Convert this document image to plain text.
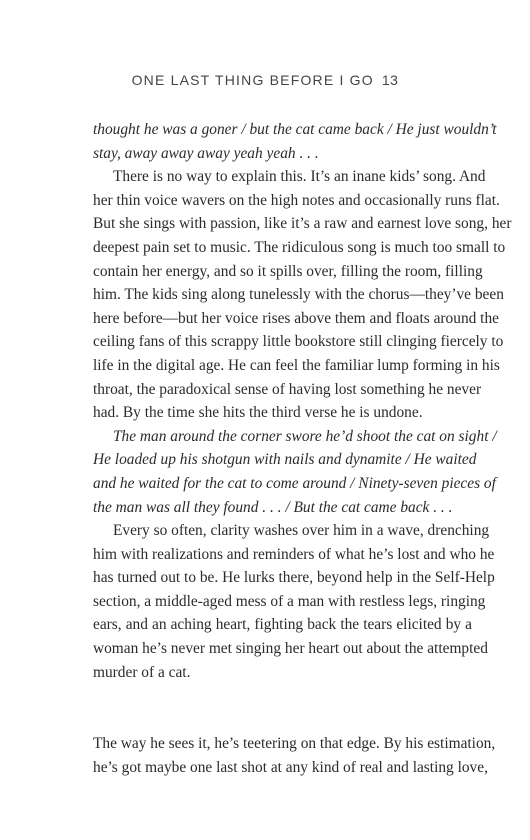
ONE LAST THING BEFORE I GO 13
thought he was a goner / but the cat came back / He just wouldn’t
stay, away away away yeah yeah . . .
There is no way to explain this. It’s an inane kids’ song. And
her thin voice wavers on the high notes and occasionally runs flat.
But she sings with passion, like it’s a raw and earnest love song, her
deepest pain set to music. The ridiculous song is much too small to
contain her energy, and so it spills over, filling the room, filling
him. The kids sing along tunelessly with the chorus—they’ve been
here before—but her voice rises above them and floats around the
ceiling fans of this scrappy little bookstore still clinging fiercely to
life in the digital age. He can feel the familiar lump forming in his
throat, the paradoxical sense of having lost something he never
had. By the time she hits the third verse he is undone.
The man around the corner swore he’d shoot the cat on sight /
He loaded up his shotgun with nails and dynamite / He waited
and he waited for the cat to come around / Ninety-seven pieces of
the man was all they found . . . / But the cat came back . . .
Every so often, clarity washes over him in a wave, drenching
him with realizations and reminders of what he’s lost and who he
has turned out to be. He lurks there, beyond help in the Self-Help
section, a middle-aged mess of a man with restless legs, ringing
ears, and an aching heart, fighting back the tears elicited by a
woman he’s never met singing her heart out about the attempted
murder of a cat.
The way he sees it, he’s teetering on that edge. By his estimation,
he’s got maybe one last shot at any kind of real and lasting love,
